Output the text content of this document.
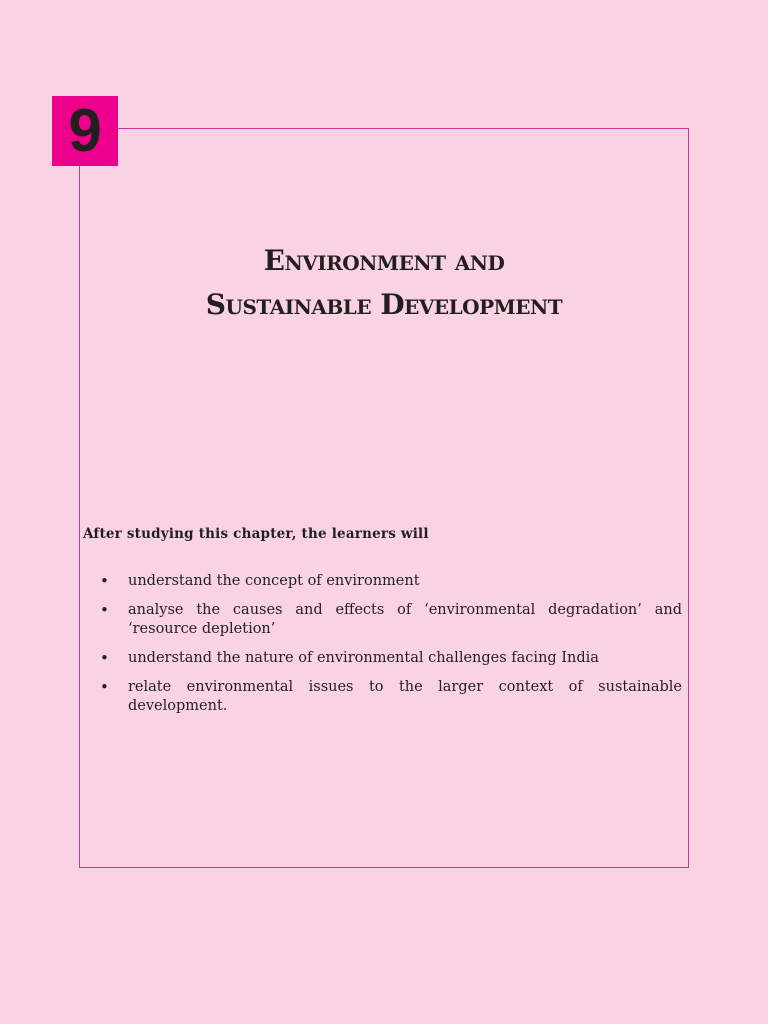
9
Environment and
Sustainable Development

After studying this chapter, the learners will

• understand the concept of environment
• analyse the causes and effects of ‘environmental degradation’ and ‘resource depletion’
• understand the nature of environmental challenges facing India
• relate environmental issues to the larger context of sustainable development.
